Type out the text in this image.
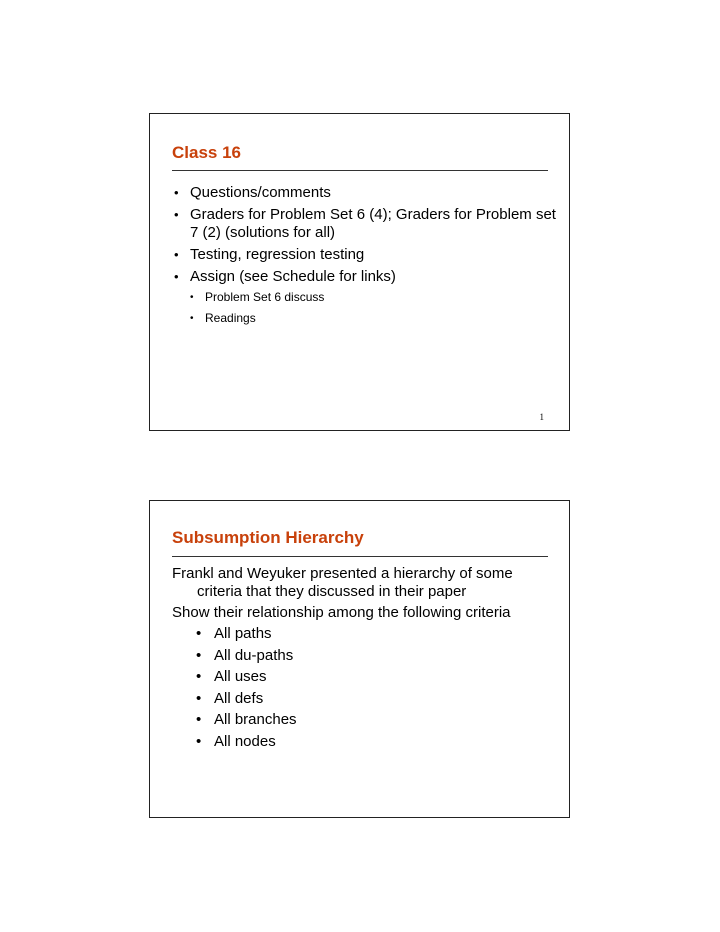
Class 16
• Questions/comments
• Graders for Problem Set 6 (4); Graders for Problem set 7 (2) (solutions for all)
• Testing, regression testing
• Assign (see Schedule for links)
• Problem Set 6 discuss
• Readings
1
Subsumption Hierarchy
Frankl and Weyuker presented a hierarchy of some criteria that they discussed in their paper
Show their relationship among the following criteria
• All paths
• All du-paths
• All uses
• All defs
• All branches
• All nodes
